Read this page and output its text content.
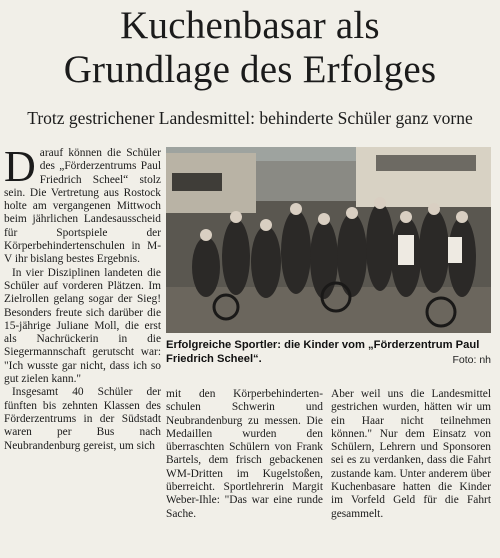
Kuchenbasar als
Grundlage des Erfolges
Trotz gestrichener Landesmittel: behinderte Schüler ganz vorne

Darauf können die Schüler des „Förderzentrums Paul Friedrich Scheel“ stolz sein. Die Vertretung aus Rostock holte am vergangenen Mittwoch beim jährlichen Landesausscheid für Sportspiele der Körperbehindertenschulen in M-V ihr bislang bestes Ergebnis.

In vier Disziplinen landeten die Schüler auf vorderen Plätzen. Im Zielrollen gelang sogar der Sieg! Besonders freute sich darüber die 15-jährige Juliane Moll, die erst als Nachrückerin in die Siegermannschaft gerutscht war: "Ich wusste gar nicht, dass ich so gut zielen kann."

Insgesamt 40 Schüler der fünften bis zehnten Klassen des Förderzentrums in der Südstadt waren per Bus nach Neubrandenburg gereist, um sich

Erfolgreiche Sportler: die Kinder vom „Förderzentrum Paul Friedrich Scheel“.	Foto: nh

mit den Körperbehinderten-schulen Schwerin und Neubrandenburg zu messen. Die Medaillen wurden den überraschten Schülern von Frank Bartels, dem frisch gebackenen WM-Dritten im Kugelstoßen, überreicht. Sportlehrerin Margit Weber-Ihle: "Das war eine runde Sache.

Aber weil uns die Landesmittel gestrichen wurden, hätten wir um ein Haar nicht teilnehmen können." Nur dem Einsatz von Schülern, Lehrern und Sponsoren sei es zu verdanken, dass die Fahrt zustande kam. Unter anderem über Kuchenbasare hatten die Kinder im Vorfeld Geld für die Fahrt gesammelt.
